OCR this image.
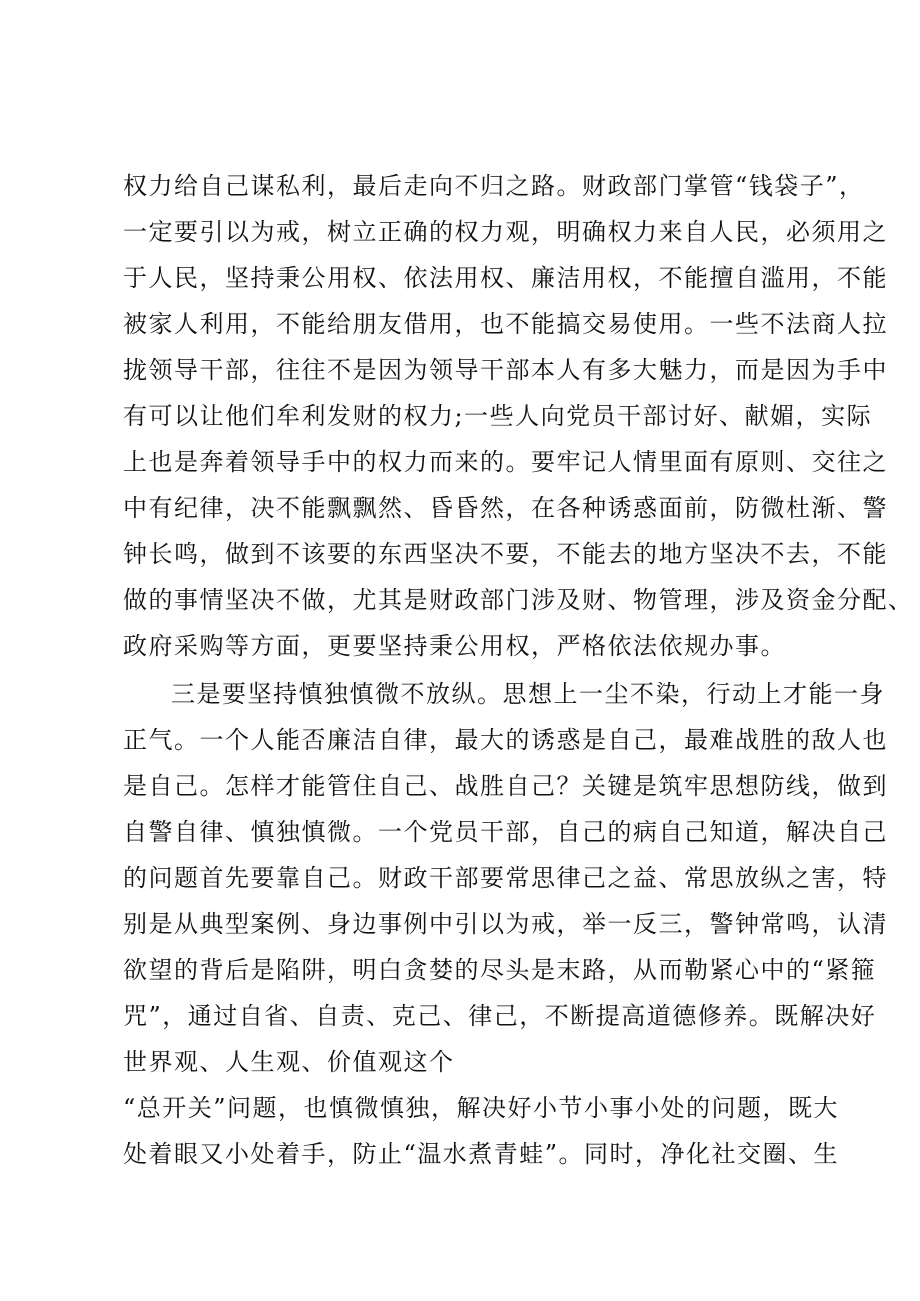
权力给自己谋私利，最后走向不归之路。财政部门掌管“钱袋子”，
一定要引以为戒，树立正确的权力观，明确权力来自人民，必须用之
于人民，坚持秉公用权、依法用权、廉洁用权，不能擅自滥用，不能
被家人利用，不能给朋友借用，也不能搞交易使用。一些不法商人拉
拢领导干部，往往不是因为领导干部本人有多大魅力，而是因为手中
有可以让他们牟利发财的权力;一些人向党员干部讨好、献媚，实际
上也是奔着领导手中的权力而来的。要牢记人情里面有原则、交往之
中有纪律，决不能飘飘然、昏昏然，在各种诱惑面前，防微杜渐、警
钟长鸣，做到不该要的东西坚决不要，不能去的地方坚决不去，不能
做的事情坚决不做，尤其是财政部门涉及财、物管理，涉及资金分配、
政府采购等方面，更要坚持秉公用权，严格依法依规办事。
三是要坚持慎独慎微不放纵。思想上一尘不染，行动上才能一身
正气。一个人能否廉洁自律，最大的诱惑是自己，最难战胜的敌人也
是自己。怎样才能管住自己、战胜自己？关键是筑牢思想防线，做到
自警自律、慎独慎微。一个党员干部，自己的病自己知道，解决自己
的问题首先要靠自己。财政干部要常思律己之益、常思放纵之害，特
别是从典型案例、身边事例中引以为戒，举一反三，警钟常鸣，认清
欲望的背后是陷阱，明白贪婪的尽头是末路，从而勒紧心中的“紧箍
咒”，通过自省、自责、克己、律己，不断提高道德修养。既解决好
世界观、人生观、价值观这个
“总开关”问题，也慎微慎独，解决好小节小事小处的问题，既大
处着眼又小处着手，防止“温水煮青蛙”。同时，净化社交圈、生
